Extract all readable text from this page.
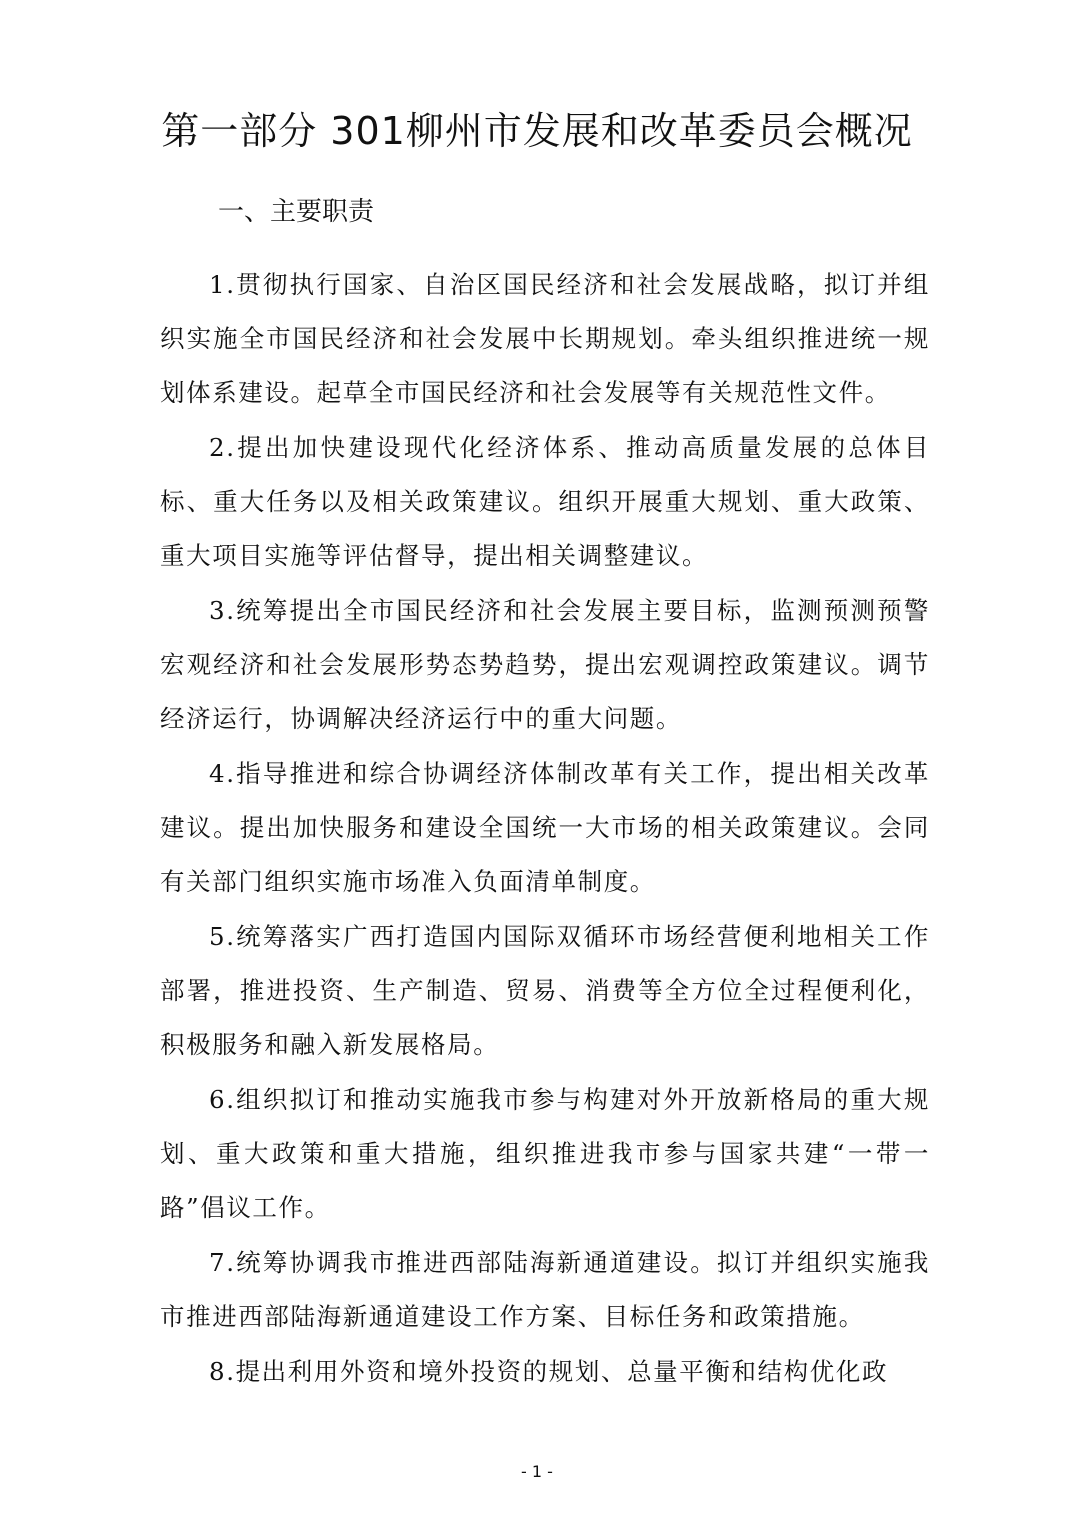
第一部分 301柳州市发展和改革委员会概况
一、主要职责

1.贯彻执行国家、自治区国民经济和社会发展战略，拟订并组织实施全市国民经济和社会发展中长期规划。牵头组织推进统一规划体系建设。起草全市国民经济和社会发展等有关规范性文件。

2.提出加快建设现代化经济体系、推动高质量发展的总体目标、重大任务以及相关政策建议。组织开展重大规划、重大政策、重大项目实施等评估督导，提出相关调整建议。

3.统筹提出全市国民经济和社会发展主要目标，监测预测预警宏观经济和社会发展形势态势趋势，提出宏观调控政策建议。调节经济运行，协调解决经济运行中的重大问题。

4.指导推进和综合协调经济体制改革有关工作，提出相关改革建议。提出加快服务和建设全国统一大市场的相关政策建议。会同有关部门组织实施市场准入负面清单制度。

5.统筹落实广西打造国内国际双循环市场经营便利地相关工作部署，推进投资、生产制造、贸易、消费等全方位全过程便利化，积极服务和融入新发展格局。

6.组织拟订和推动实施我市参与构建对外开放新格局的重大规划、重大政策和重大措施，组织推进我市参与国家共建“一带一路”倡议工作。

7.统筹协调我市推进西部陆海新通道建设。拟订并组织实施我市推进西部陆海新通道建设工作方案、目标任务和政策措施。

8.提出利用外资和境外投资的规划、总量平衡和结构优化政

- 1 -
